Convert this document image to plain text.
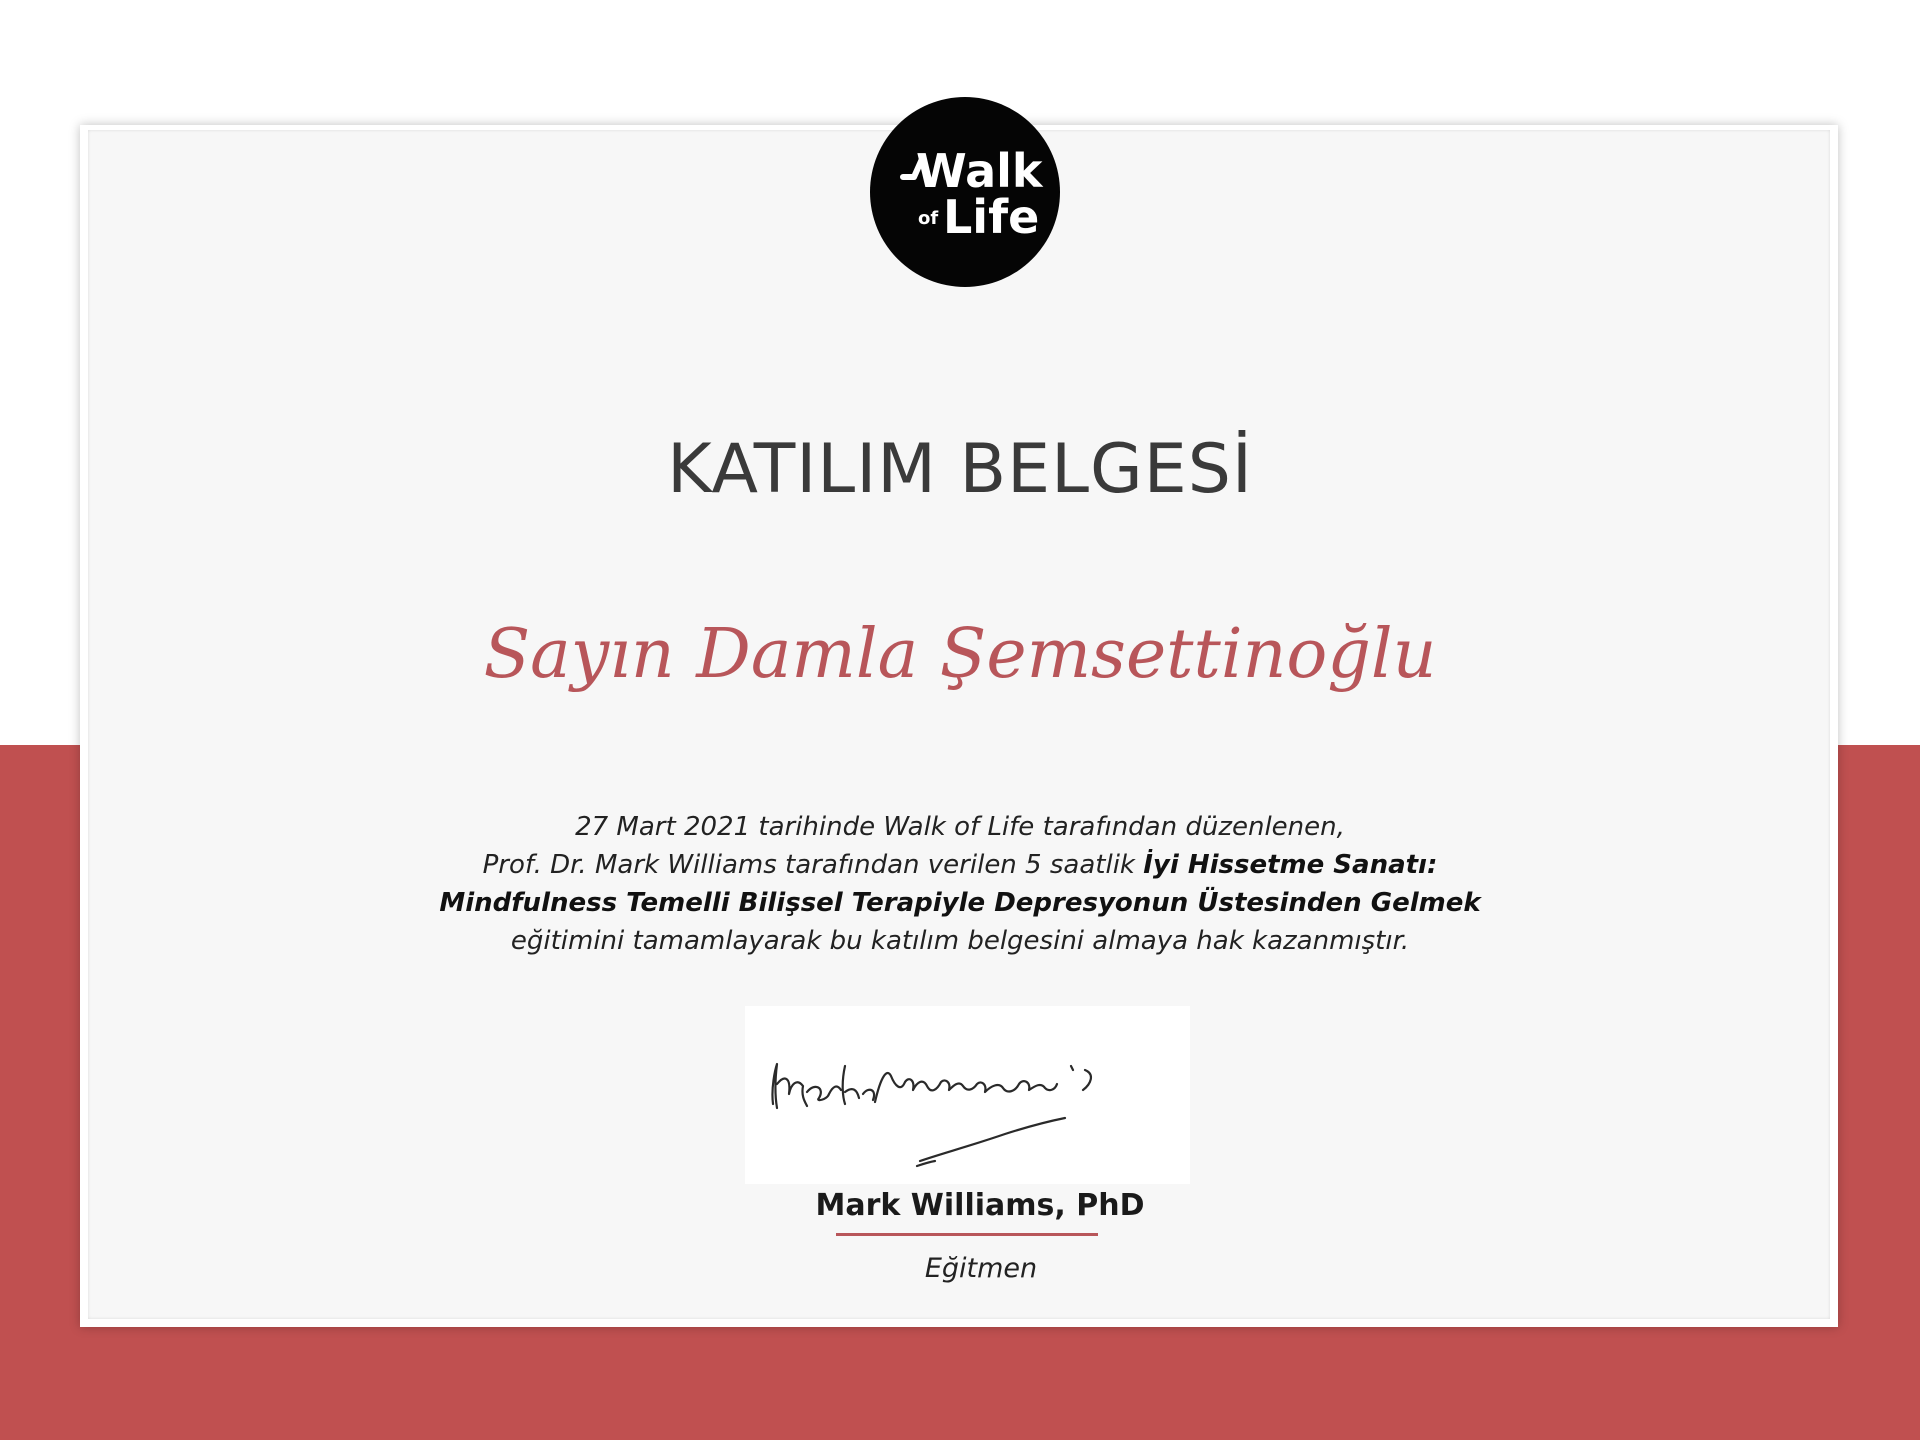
Walk
of Life
KATILIM BELGESİ
Sayın Damla Şemsettinoğlu
27 Mart 2021 tarihinde Walk of Life tarafından düzenlenen,
Prof. Dr. Mark Williams tarafından verilen 5 saatlik İyi Hissetme Sanatı:
Mindfulness Temelli Bilişsel Terapiyle Depresyonun Üstesinden Gelmek
eğitimini tamamlayarak bu katılım belgesini almaya hak kazanmıştır.
Mark Williams, PhD
Eğitmen
